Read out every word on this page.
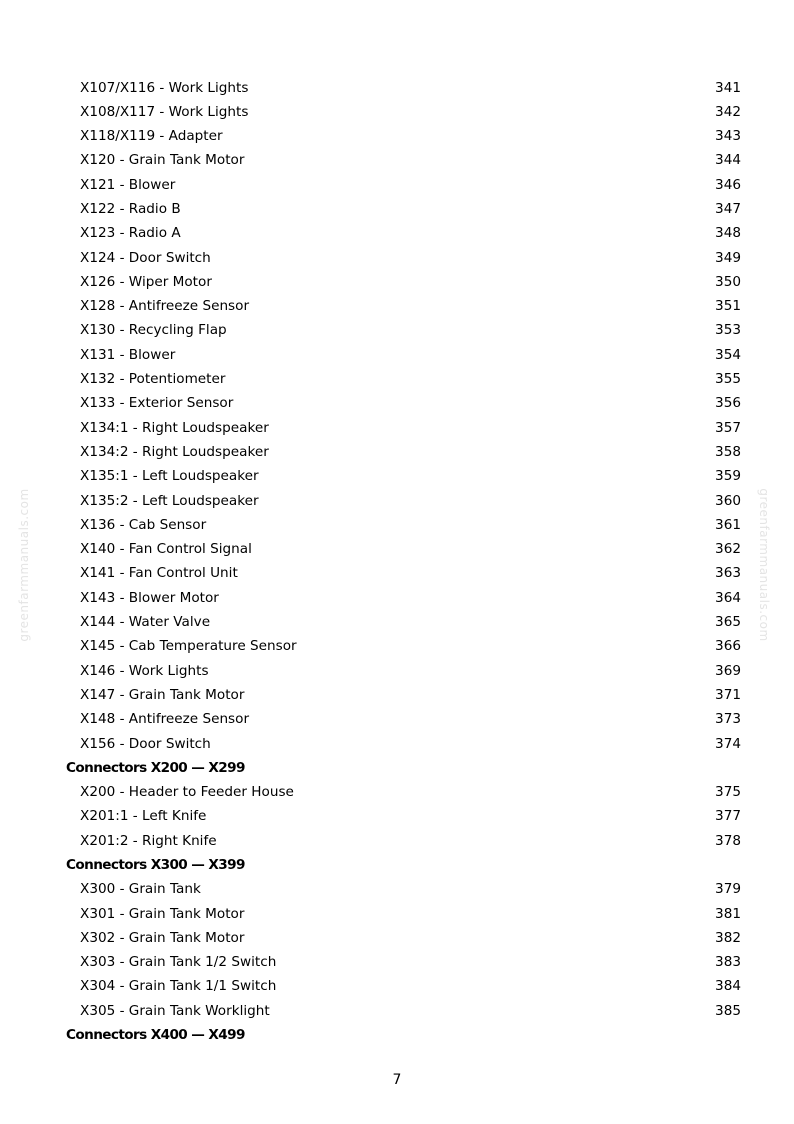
X107/X116 - Work Lights	341
X108/X117 - Work Lights	342
X118/X119 - Adapter	343
X120 - Grain Tank Motor	344
X121 - Blower	346
X122 - Radio B	347
X123 - Radio A	348
X124 - Door Switch	349
X126 - Wiper Motor	350
X128 - Antifreeze Sensor	351
X130 - Recycling Flap	353
X131 - Blower	354
X132 - Potentiometer	355
X133 - Exterior Sensor	356
X134:1 - Right Loudspeaker	357
X134:2 - Right Loudspeaker	358
X135:1 - Left Loudspeaker	359
X135:2 - Left Loudspeaker	360
X136 - Cab Sensor	361
X140 - Fan Control Signal	362
X141 - Fan Control Unit	363
X143 - Blower Motor	364
X144 - Water Valve	365
X145 - Cab Temperature Sensor	366
X146 - Work Lights	369
X147 - Grain Tank Motor	371
X148 - Antifreeze Sensor	373
X156 - Door Switch	374
Connectors X200 — X299
X200 - Header to Feeder House	375
X201:1 - Left Knife	377
X201:2 - Right Knife	378
Connectors X300 — X399
X300 - Grain Tank	379
X301 - Grain Tank Motor	381
X302 - Grain Tank Motor	382
X303 - Grain Tank 1/2 Switch	383
X304 - Grain Tank 1/1 Switch	384
X305 - Grain Tank Worklight	385
Connectors X400 — X499
greenfarmmanuals.com	greenfarmmanuals.com
7
